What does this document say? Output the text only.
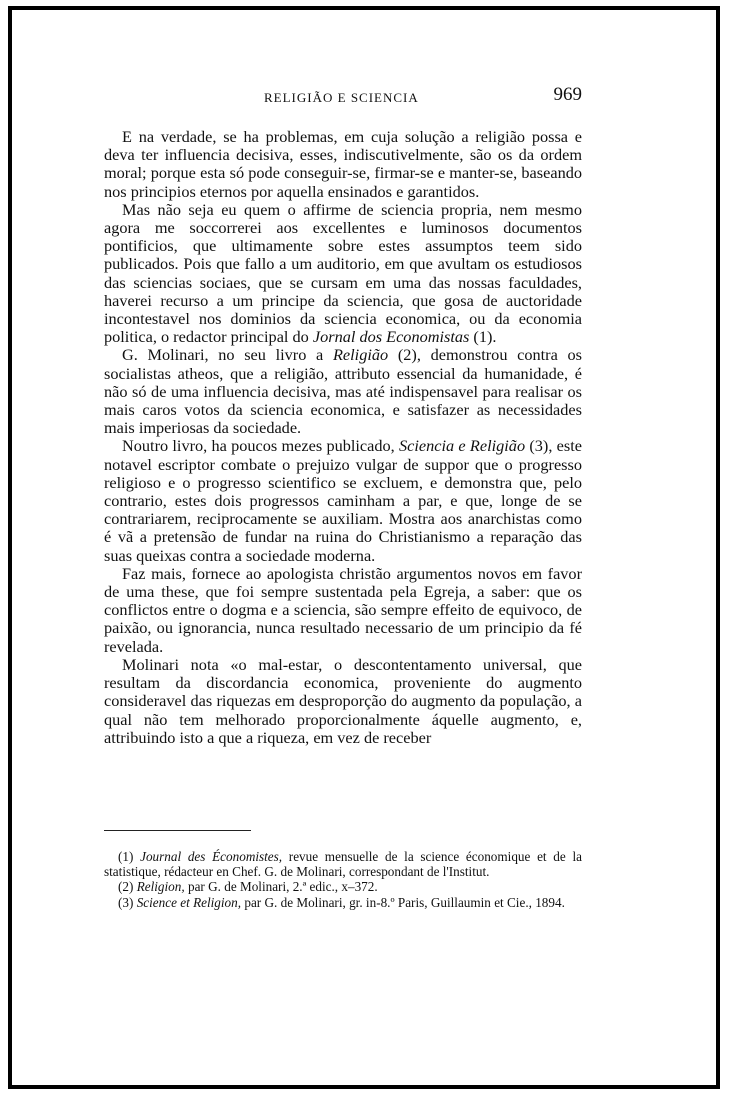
RELIGIÃO E SCIENCIA	969

E na verdade, se ha problemas, em cuja solução a religião possa e deva ter influencia decisiva, esses, indiscutivelmente, são os da ordem moral; porque esta só pode conseguir-se, firmar-se e manter-se, baseando nos principios eternos por aquella ensinados e garantidos.

Mas não seja eu quem o affirme de sciencia propria, nem mesmo agora me soccorrerei aos excellentes e luminosos documentos pontificios, que ultimamente sobre estes assumptos teem sido publicados. Pois que fallo a um auditorio, em que avultam os estudiosos das sciencias sociaes, que se cursam em uma das nossas faculdades, haverei recurso a um principe da sciencia, que gosa de auctoridade incontestavel nos dominios da sciencia economica, ou da economia politica, o redactor principal do Jornal dos Economistas (1).

G. Molinari, no seu livro a Religião (2), demonstrou contra os socialistas atheos, que a religião, attributo essencial da humanidade, é não só de uma influencia decisiva, mas até indispensavel para realisar os mais caros votos da sciencia economica, e satisfazer as necessidades mais imperiosas da sociedade.

Noutro livro, ha poucos mezes publicado, Sciencia e Religião (3), este notavel escriptor combate o prejuizo vulgar de suppor que o progresso religioso e o progresso scientifico se excluem, e demonstra que, pelo contrario, estes dois progressos caminham a par, e que, longe de se contrariarem, reciprocamente se auxiliam. Mostra aos anarchistas como é vã a pretensão de fundar na ruina do Christianismo a reparação das suas queixas contra a sociedade moderna.

Faz mais, fornece ao apologista christão argumentos novos em favor de uma these, que foi sempre sustentada pela Egreja, a saber: que os conflictos entre o dogma e a sciencia, são sempre effeito de equivoco, de paixão, ou ignorancia, nunca resultado necessario de um principio da fé revelada.

Molinari nota «o mal-estar, o descontentamento universal, que resultam da discordancia economica, proveniente do augmento consideravel das riquezas em desproporção do augmento da população, a qual não tem melhorado proporcionalmente áquelle augmento, e, attribuindo isto a que a riqueza, em vez de receber

(1) Journal des Économistes, revue mensuelle de la science économique et de la statistique, rédacteur en Chef. G. de Molinari, correspondant de l'Institut.

(2) Religion, par G. de Molinari, 2.ª edic., x–372.

(3) Science et Religion, par G. de Molinari, gr. in-8.º Paris, Guillaumin et Cie., 1894.
